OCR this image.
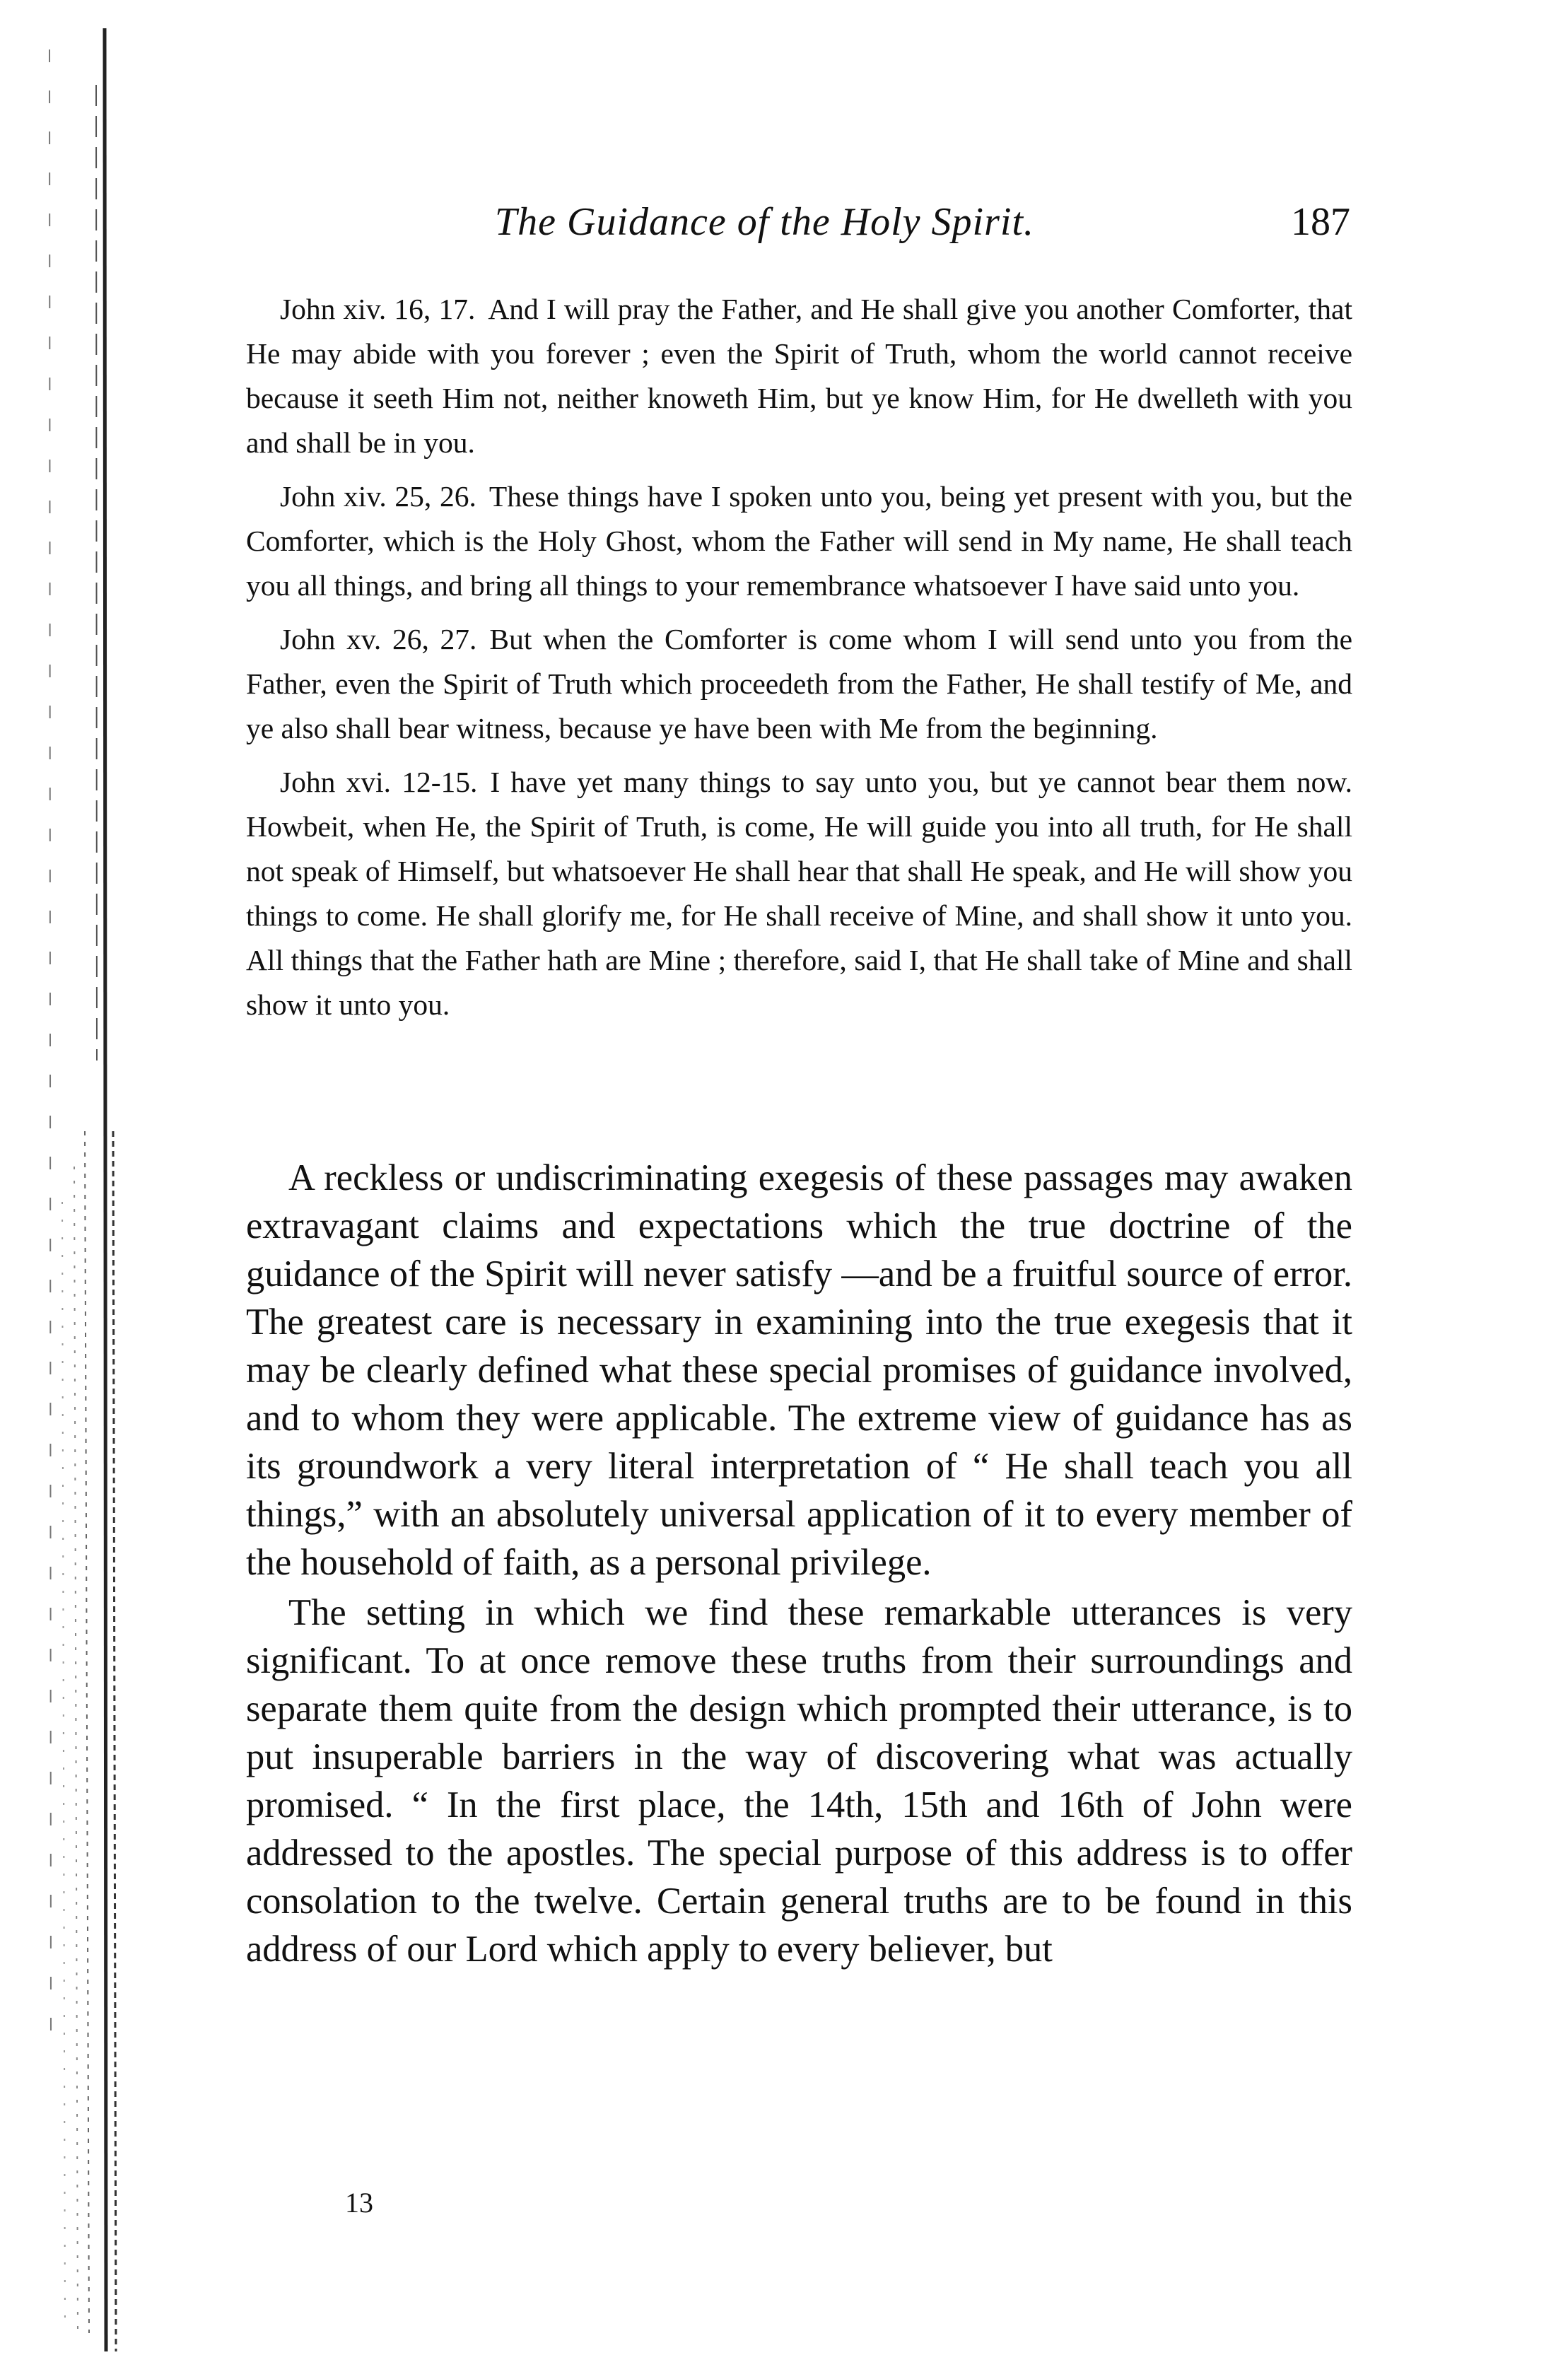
The Guidance of the Holy Spirit.	187

John xiv. 16, 17. And I will pray the Father, and He shall give you another Comforter, that He may abide with you forever ; even the Spirit of Truth, whom the world cannot receive because it seeth Him not, neither knoweth Him, but ye know Him, for He dwelleth with you and shall be in you.

John xiv. 25, 26. These things have I spoken unto you, being yet present with you, but the Comforter, which is the Holy Ghost, whom the Father will send in My name, He shall teach you all things, and bring all things to your remembrance whatsoever I have said unto you.

John xv. 26, 27. But when the Comforter is come whom I will send unto you from the Father, even the Spirit of Truth which proceedeth from the Father, He shall testify of Me, and ye also shall bear witness, because ye have been with Me from the beginning.

John xvi. 12-15. I have yet many things to say unto you, but ye cannot bear them now. Howbeit, when He, the Spirit of Truth, is come, He will guide you into all truth, for He shall not speak of Himself, but whatsoever He shall hear that shall He speak, and He will show you things to come. He shall glorify me, for He shall receive of Mine, and shall show it unto you. All things that the Father hath are Mine ; therefore, said I, that He shall take of Mine and shall show it unto you.

A reckless or undiscriminating exegesis of these passages may awaken extravagant claims and expectations which the true doctrine of the guidance of the Spirit will never satisfy —and be a fruitful source of error. The greatest care is necessary in examining into the true exegesis that it may be clearly defined what these special promises of guidance involved, and to whom they were applicable. The extreme view of guidance has as its groundwork a very literal interpretation of “ He shall teach you all things,” with an absolutely universal application of it to every member of the household of faith, as a personal privilege.

The setting in which we find these remarkable utterances is very significant. To at once remove these truths from their surroundings and separate them quite from the design which prompted their utterance, is to put insuperable barriers in the way of discovering what was actually promised. “ In the first place, the 14th, 15th and 16th of John were addressed to the apostles. The special purpose of this address is to offer consolation to the twelve. Certain general truths are to be found in this address of our Lord which apply to every believer, but

13
